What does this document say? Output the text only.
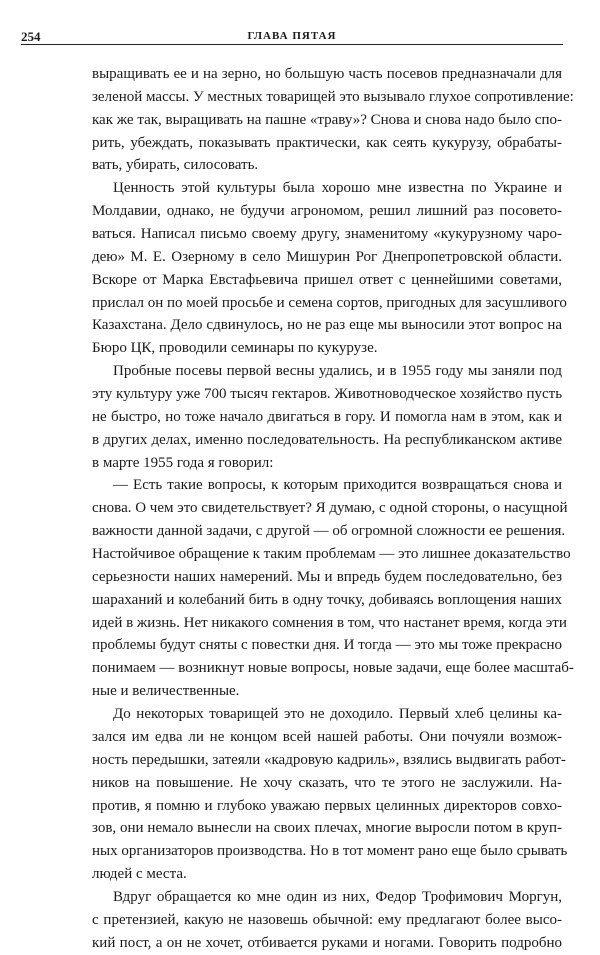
254	ГЛАВА ПЯТАЯ
выращивать ее и на зерно, но большую часть посевов предназначали для
зеленой массы. У местных товарищей это вызывало глухое сопротивление:
как же так, выращивать на пашне «траву»? Снова и снова надо было спо-
рить, убеждать, показывать практически, как сеять кукурузу, обрабаты-
вать, убирать, силосовать.
Ценность этой культуры была хорошо мне известна по Украине и
Молдавии, однако, не будучи агрономом, решил лишний раз посовето-
ваться. Написал письмо своему другу, знаменитому «кукурузному чаро-
дею» М. Е. Озерному в село Мишурин Рог Днепропетровской области.
Вскоре от Марка Евстафьевича пришел ответ с ценнейшими советами,
прислал он по моей просьбе и семена сортов, пригодных для засушливого
Казахстана. Дело сдвинулось, но не раз еще мы выносили этот вопрос на
Бюро ЦК, проводили семинары по кукурузе.
Пробные посевы первой весны удались, и в 1955 году мы заняли под
эту культуру уже 700 тысяч гектаров. Животноводческое хозяйство пусть
не быстро, но тоже начало двигаться в гору. И помогла нам в этом, как и
в других делах, именно последовательность. На республиканском активе
в марте 1955 года я говорил:
— Есть такие вопросы, к которым приходится возвращаться снова и
снова. О чем это свидетельствует? Я думаю, с одной стороны, о насущной
важности данной задачи, с другой — об огромной сложности ее решения.
Настойчивое обращение к таким проблемам — это лишнее доказательство
серьезности наших намерений. Мы и впредь будем последовательно, без
шараханий и колебаний бить в одну точку, добиваясь воплощения наших
идей в жизнь. Нет никакого сомнения в том, что настанет время, когда эти
проблемы будут сняты с повестки дня. И тогда — это мы тоже прекрасно
понимаем — возникнут новые вопросы, новые задачи, еще более масштаб-
ные и величественные.
До некоторых товарищей это не доходило. Первый хлеб целины ка-
зался им едва ли не концом всей нашей работы. Они почуяли возмож-
ность передышки, затеяли «кадровую кадриль», взялись выдвигать работ-
ников на повышение. Не хочу сказать, что те этого не заслужили. На-
против, я помню и глубоко уважаю первых целинных директоров совхо-
зов, они немало вынесли на своих плечах, многие выросли потом в круп-
ных организаторов производства. Но в тот момент рано еще было срывать
людей с места.
Вдруг обращается ко мне один из них, Федор Трофимович Моргун,
с претензией, какую не назовешь обычной: ему предлагают более высо-
кий пост, а он не хочет, отбивается руками и ногами. Говорить подробно
